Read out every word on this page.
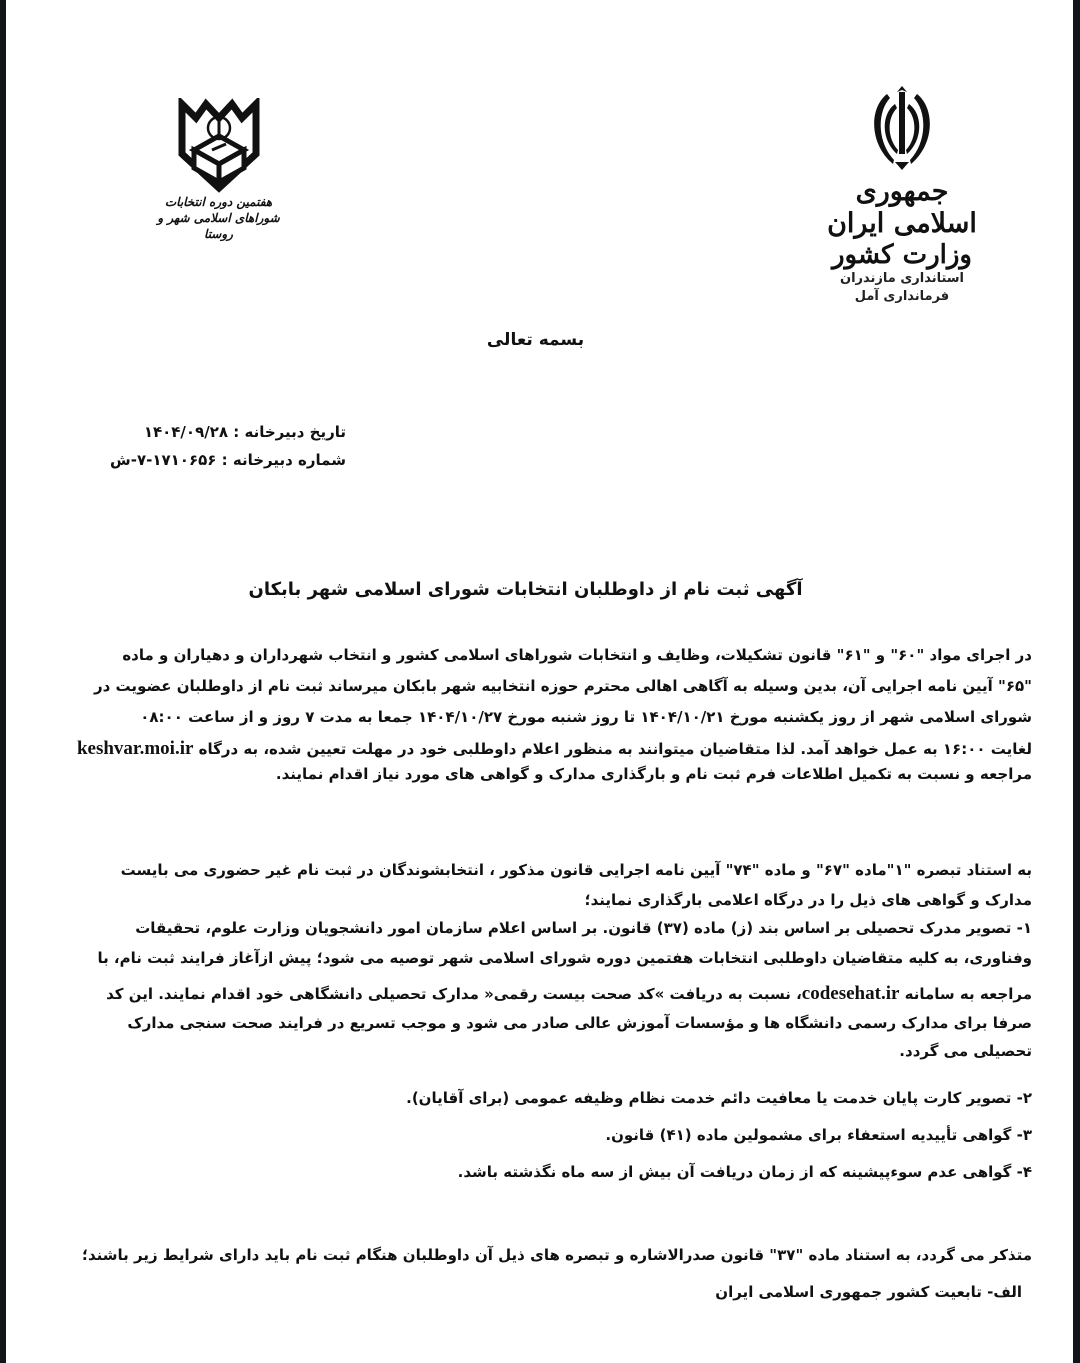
جمهوری اسلامی ایران
وزارت کشور
استانداری مازندران
فرمانداری آمل
هفتمین دوره انتخابات
شوراهای اسلامی شهر و روستا
بسمه تعالی
تاریخ دبیرخانه : ۱۴۰۴/۰۹/۲۸
شماره دبیرخانه : ۱۷۱۰۶۵۶-۷-ش
آگهی ثبت نام از داوطلبان انتخابات شورای اسلامی شهر بابکان
در اجرای مواد "۶۰" و "۶۱" قانون تشکیلات، وظایف و انتخابات شوراهای اسلامی کشور و انتخاب شهرداران و دهیاران و ماده
"۶۵" آیین نامه اجرایی آن، بدین وسیله به آگاهی اهالی محترم حوزه انتخابیه شهر بابکان میرساند ثبت نام از داوطلبان عضویت در
شورای اسلامی شهر از روز یکشنبه مورخ ۱۴۰۴/۱۰/۲۱ تا روز شنبه مورخ ۱۴۰۴/۱۰/۲۷ جمعا به مدت ۷ روز و از ساعت ۰۸:۰۰
لغایت ۱۶:۰۰ به عمل خواهد آمد. لذا متقاضیان میتوانند به منظور اعلام داوطلبی خود در مهلت تعیین شده، به درگاه keshvar.moi.ir
مراجعه و نسبت به تکمیل اطلاعات فرم ثبت نام و بارگذاری مدارک و گواهی های مورد نیاز اقدام نمایند.
به استناد تبصره "۱"ماده "۶۷" و ماده "۷۴" آیین نامه اجرایی قانون مذکور ، انتخابشوندگان در ثبت نام غیر حضوری می بایست
مدارک و گواهی های ذیل را در درگاه اعلامی بارگذاری نمایند؛
۱- تصویر مدرک تحصیلی بر اساس بند (ز) ماده (۳۷) قانون. بر اساس اعلام سازمان امور دانشجویان وزارت علوم، تحقیقات
وفناوری، به کلیه متقاضیان داوطلبی انتخابات هفتمین دوره شورای اسلامی شهر توصیه می شود؛ پیش ازآغاز فرایند ثبت نام، با
مراجعه به سامانه codesehat.ir، نسبت به دریافت »کد صحت بیست رقمی« مدارک تحصیلی دانشگاهی خود اقدام نمایند. این کد
صرفا برای مدارک رسمی دانشگاه ها و مؤسسات آموزش عالی صادر می شود و موجب تسریع در فرایند صحت سنجی مدارک
تحصیلی می گردد.
۲- تصویر کارت پایان خدمت یا معافیت دائم خدمت نظام وظیفه عمومی (برای آقایان).
۳- گواهی تأییدیه استعفاء برای مشمولین ماده (۴۱) قانون.
۴- گواهی عدم سوءپیشینه که از زمان دریافت آن بیش از سه ماه نگذشته باشد.
متذکر می گردد، به استناد ماده "۳۷" قانون صدرالاشاره و تبصره های ذیل آن داوطلبان هنگام ثبت نام باید دارای شرایط زیر باشند؛
الف- تابعیت کشور جمهوری اسلامی ایران
